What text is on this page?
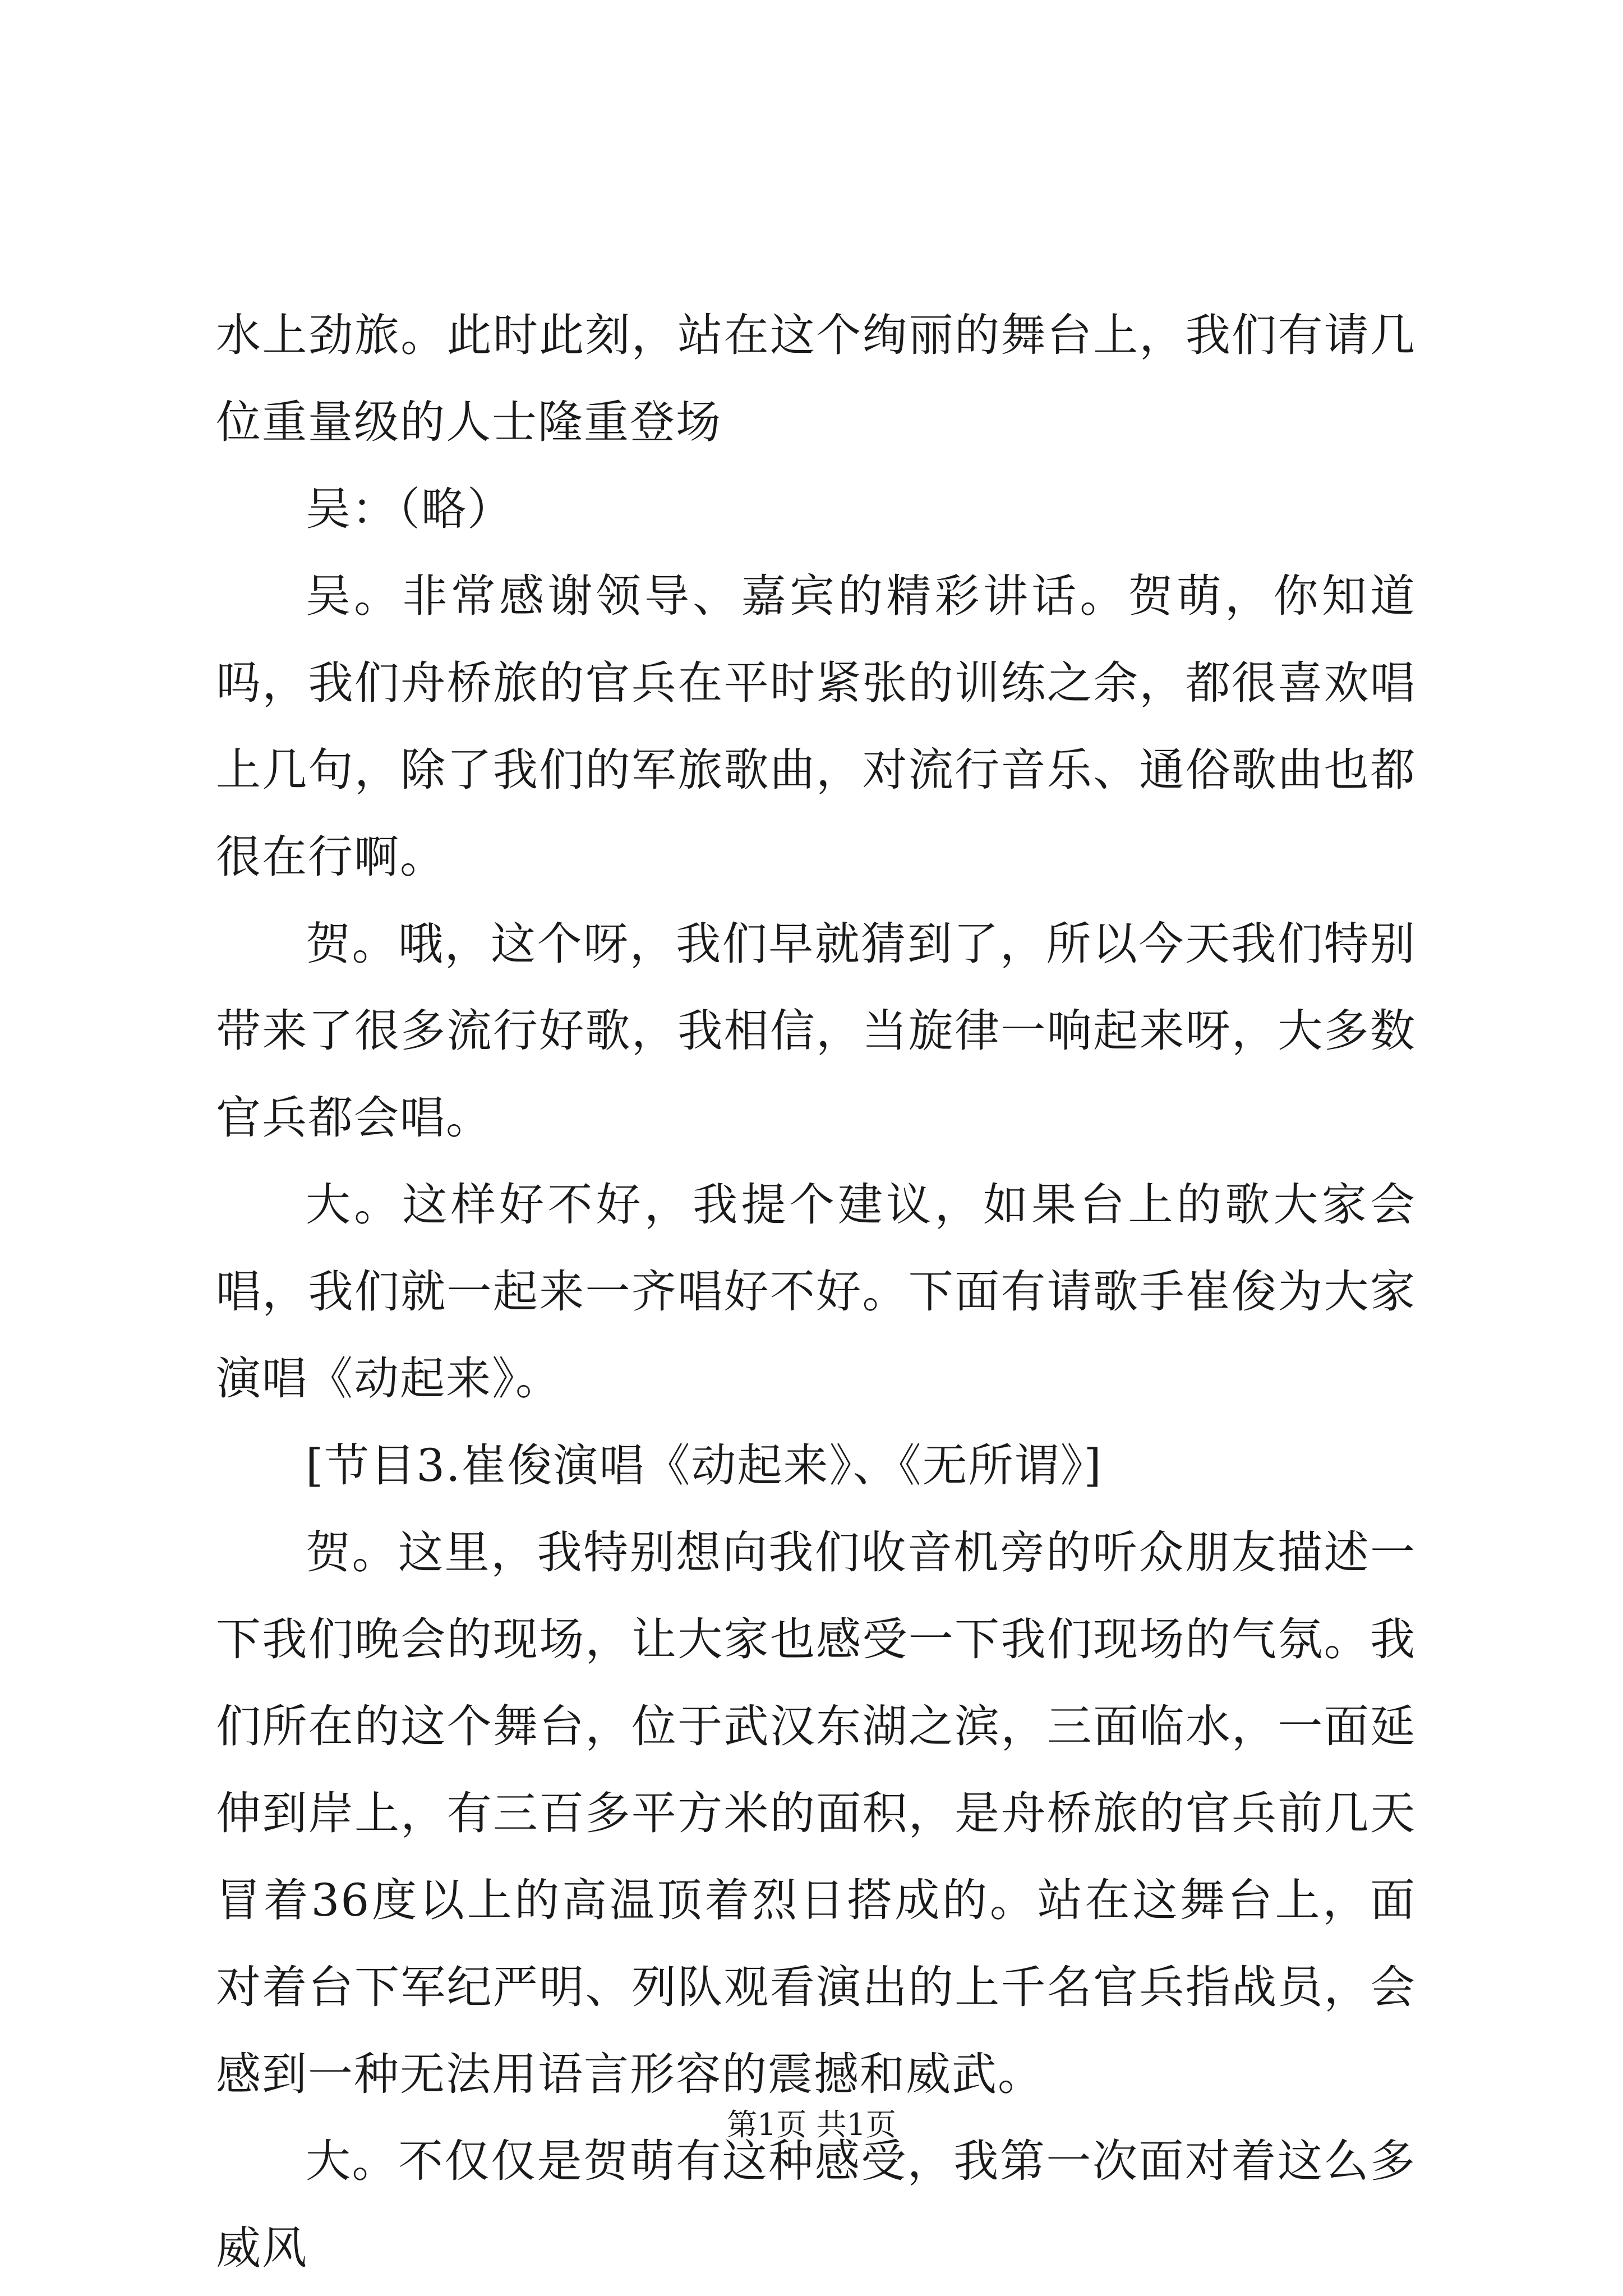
水上劲旅。此时此刻，站在这个绚丽的舞台上，我们有请几位重量级的人士隆重登场

吴：（略）

吴。非常感谢领导、嘉宾的精彩讲话。贺萌，你知道吗，我们舟桥旅的官兵在平时紧张的训练之余，都很喜欢唱上几句，除了我们的军旅歌曲，对流行音乐、通俗歌曲也都很在行啊。

贺。哦，这个呀，我们早就猜到了，所以今天我们特别带来了很多流行好歌，我相信，当旋律一响起来呀，大多数官兵都会唱。

大。这样好不好，我提个建议，如果台上的歌大家会唱，我们就一起来一齐唱好不好。下面有请歌手崔俊为大家演唱《动起来》。

[节目3.崔俊演唱《动起来》、《无所谓》]

贺。这里，我特别想向我们收音机旁的听众朋友描述一下我们晚会的现场，让大家也感受一下我们现场的气氛。我们所在的这个舞台，位于武汉东湖之滨，三面临水，一面延伸到岸上，有三百多平方米的面积，是舟桥旅的官兵前几天冒着36度以上的高温顶着烈日搭成的。站在这舞台上，面对着台下军纪严明、列队观看演出的上千名官兵指战员，会感到一种无法用语言形容的震撼和威武。

大。不仅仅是贺萌有这种感受，我第一次面对着这么多威风

第1页 共1页
